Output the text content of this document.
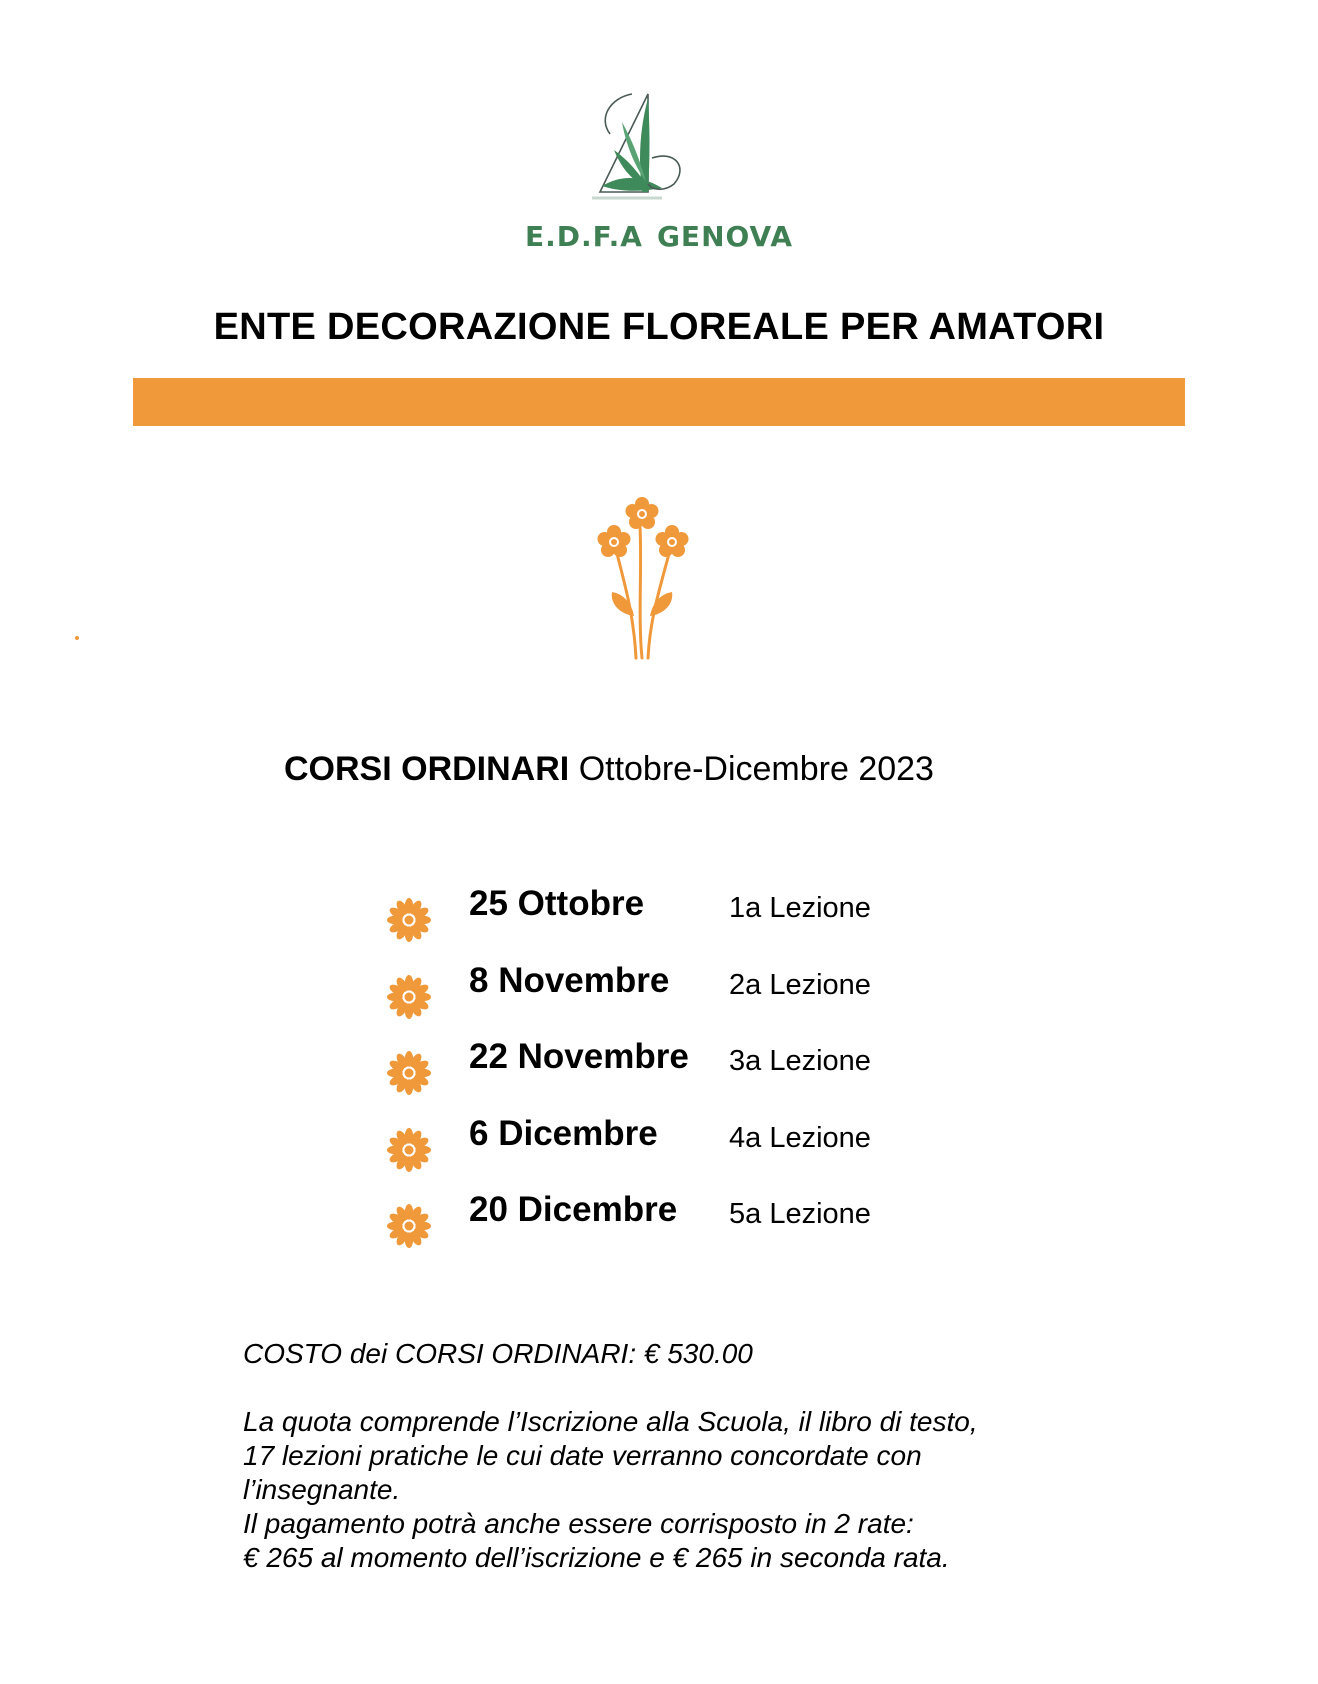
E.D.F.A GENOVA
ENTE DECORAZIONE FLOREALE PER AMATORI
CORSI ORDINARI Ottobre-Dicembre 2023
25 Ottobre	1a Lezione
8 Novembre 2a Lezione
22 Novembre 3a Lezione
6 Dicembre 4a Lezione
20 Dicembre 5a Lezione
COSTO dei CORSI ORDINARI: € 530.00
La quota comprende l’Iscrizione alla Scuola, il libro di testo,
17 lezioni pratiche le cui date verranno concordate con
l’insegnante.
Il pagamento potrà anche essere corrisposto in 2 rate:
€ 265 al momento dell’iscrizione e € 265 in seconda rata.
